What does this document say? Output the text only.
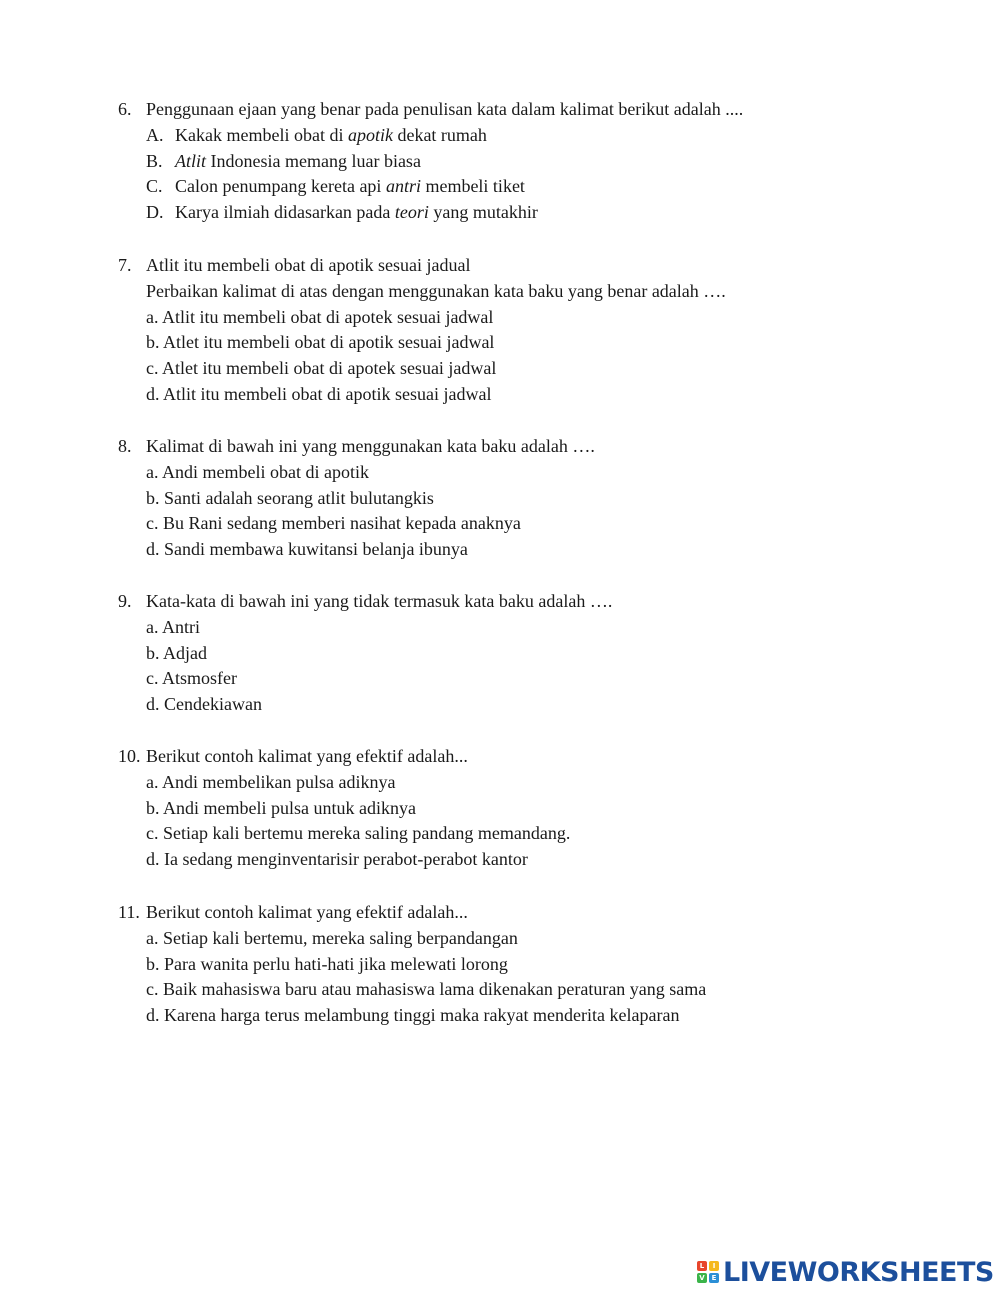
6. Penggunaan ejaan yang benar pada penulisan kata dalam kalimat berikut adalah ....
A. Kakak membeli obat di apotik dekat rumah
B. Atlit Indonesia memang luar biasa
C. Calon penumpang kereta api antri membeli tiket
D. Karya ilmiah didasarkan pada teori yang mutakhir
7. Atlit itu membeli obat di apotik sesuai jadual
Perbaikan kalimat di atas dengan menggunakan kata baku yang benar adalah ….
a. Atlit itu membeli obat di apotek sesuai jadwal
b. Atlet itu membeli obat di apotik sesuai jadwal
c. Atlet itu membeli obat di apotek sesuai jadwal
d. Atlit itu membeli obat di apotik sesuai jadwal
8. Kalimat di bawah ini yang menggunakan kata baku adalah ….
a. Andi membeli obat di apotik
b. Santi adalah seorang atlit bulutangkis
c. Bu Rani sedang memberi nasihat kepada anaknya
d. Sandi membawa kuwitansi belanja ibunya
9. Kata-kata di bawah ini yang tidak termasuk kata baku adalah ….
a. Antri
b. Adjad
c. Atsmosfer
d. Cendekiawan
10. Berikut contoh kalimat yang efektif adalah...
a. Andi membelikan pulsa adiknya
b. Andi membeli pulsa untuk adiknya
c. Setiap kali bertemu mereka saling pandang memandang.
d. Ia sedang menginventarisir perabot-perabot kantor
11. Berikut contoh kalimat yang efektif adalah...
a. Setiap kali bertemu, mereka saling berpandangan
b. Para wanita perlu hati-hati jika melewati lorong
c. Baik mahasiswa baru atau mahasiswa lama dikenakan peraturan yang sama
d. Karena harga terus melambung tinggi maka rakyat menderita kelaparan
L	I
V E LIVEWORKSHEETS
